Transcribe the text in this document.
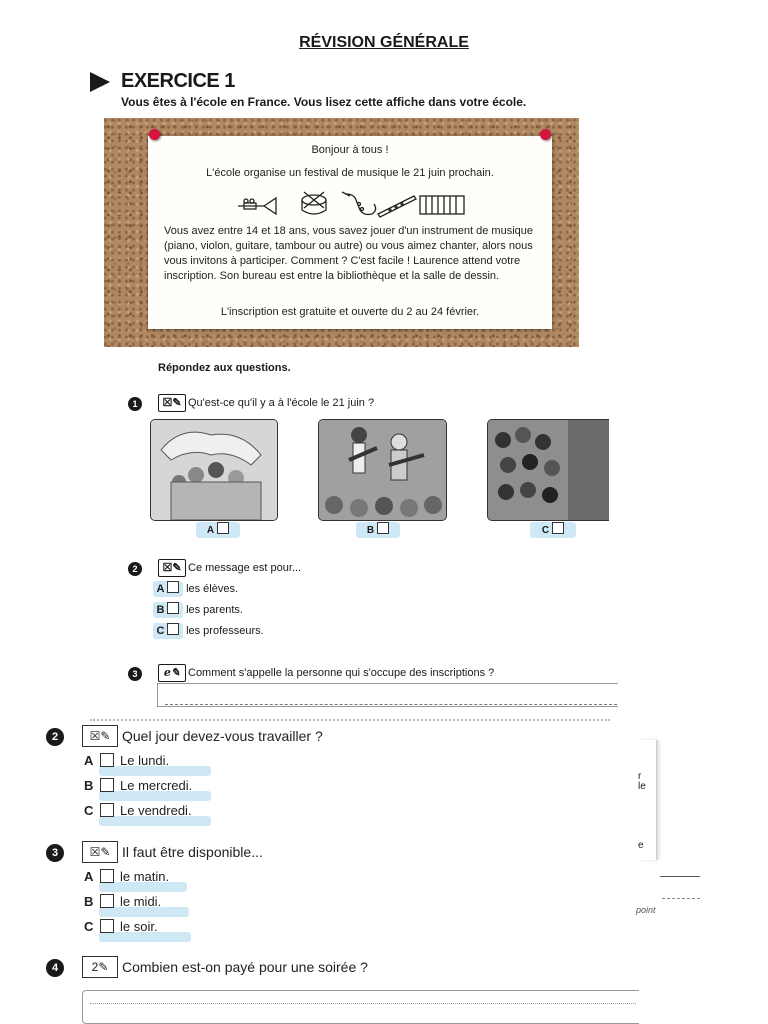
RÉVISION GÉNÉRALE
EXERCICE 1
Vous êtes à l'école en France. Vous lisez cette affiche dans votre école.
Bonjour à tous !
L'école organise un festival de musique le 21 juin prochain.
Vous avez entre 14 et 18 ans, vous savez jouer d'un instrument de musique (piano, violon, guitare, tambour ou autre) ou vous aimez chanter, alors nous vous invitons à participer. Comment ? C'est facile ! Laurence attend votre inscription. Son bureau est entre la bibliothèque et la salle de dessin.
L'inscription est gratuite et ouverte du 2 au 24 février.
Répondez aux questions.
1	☒✎ Qu'est-ce qu'il y a à l'école le 21 juin ?
A	B	C
2	☒✎ Ce message est pour...
A les élèves.
B les parents.
C les professeurs.
3	e✎ Comment s'appelle la personne qui s'occupe des inscriptions ?
2	☒✎ Quel jour devez-vous travailler ?
A Le lundi.
B Le mercredi.
C Le vendredi.
3	☒✎ Il faut être disponible...
A le matin.
B le midi.
C le soir.
4	2✎ Combien est-on payé pour une soirée ?
r
le
e
point
